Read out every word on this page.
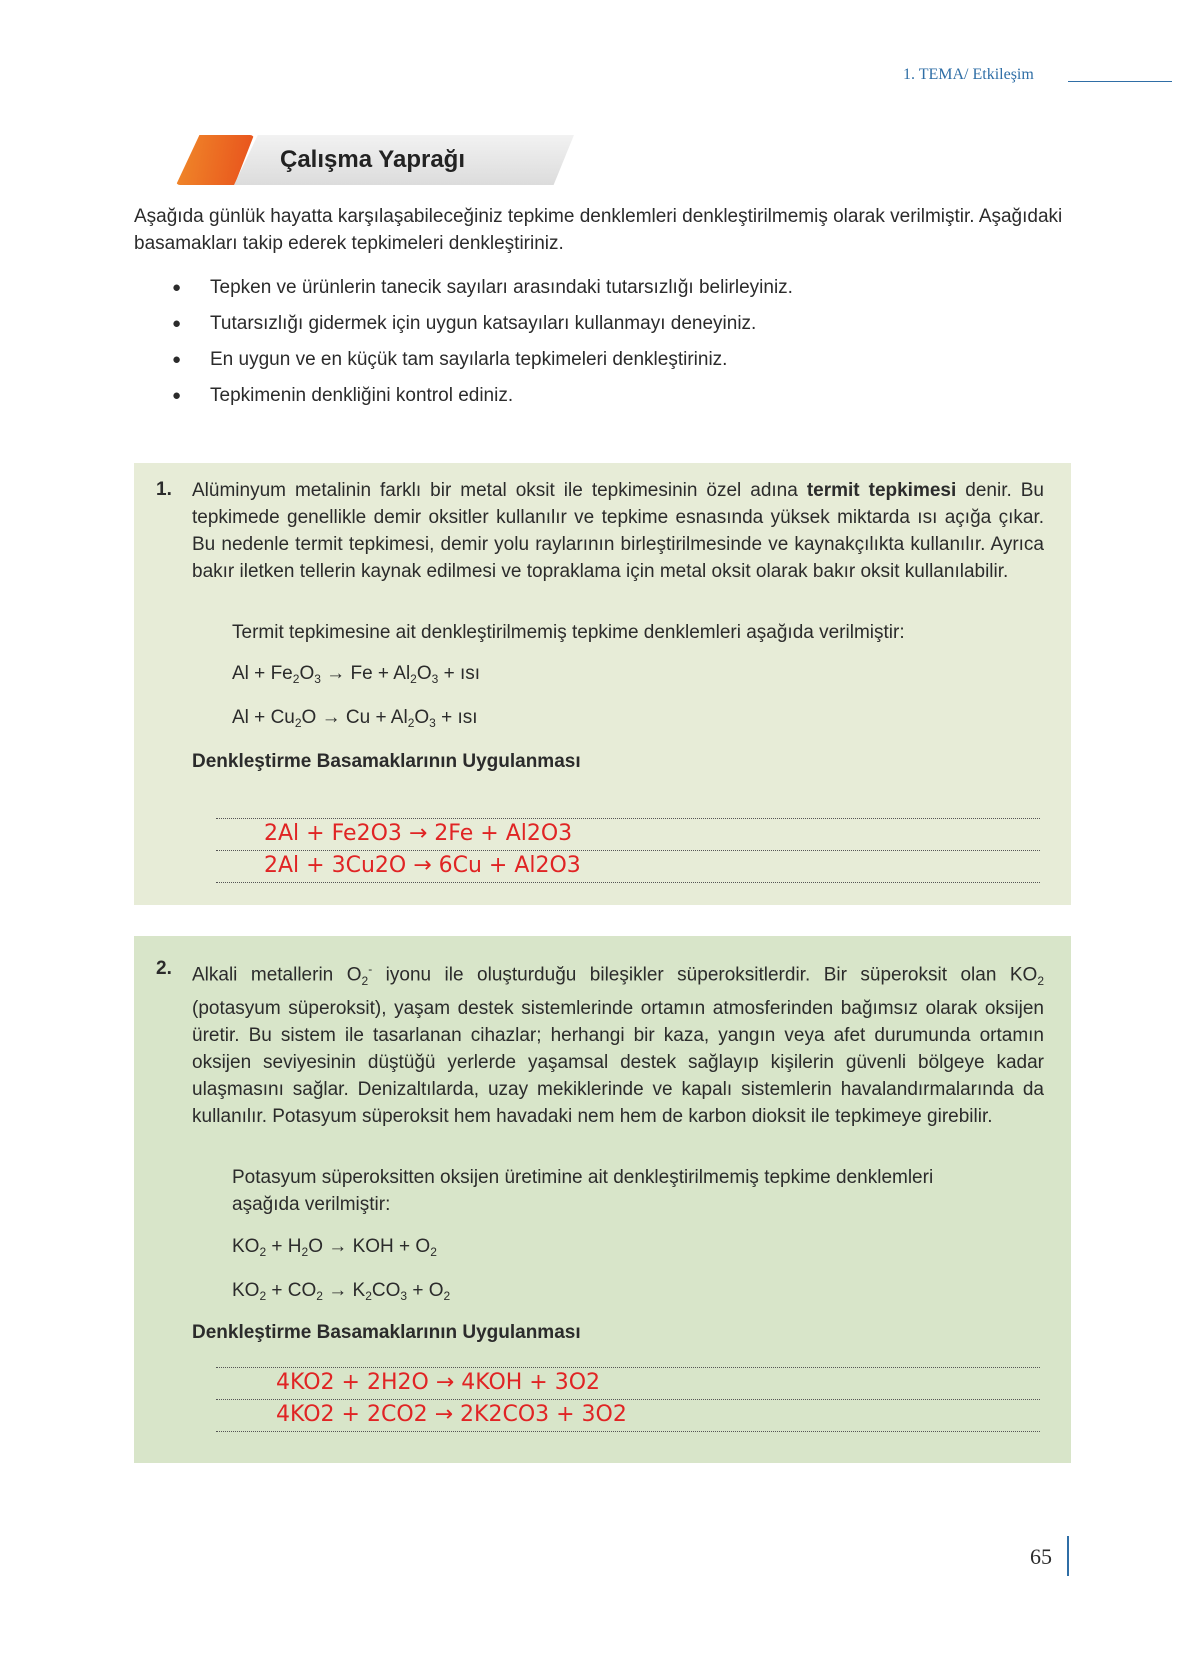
1. TEMA/ Etkileşim
Çalışma Yaprağı
Aşağıda günlük hayatta karşılaşabileceğiniz tepkime denklemleri denkleştirilmemiş olarak verilmiştir. Aşağıdaki basamakları takip ederek tepkimeleri denkleştiriniz.
● Tepken ve ürünlerin tanecik sayıları arasındaki tutarsızlığı belirleyiniz.
● Tutarsızlığı gidermek için uygun katsayıları kullanmayı deneyiniz.
● En uygun ve en küçük tam sayılarla tepkimeleri denkleştiriniz.
● Tepkimenin denkliğini kontrol ediniz.
1. Alüminyum metalinin farklı bir metal oksit ile tepkimesinin özel adına termit tepkimesi denir. Bu tepkimede genellikle demir oksitler kullanılır ve tepkime esnasında yüksek miktarda ısı açığa çıkar. Bu nedenle termit tepkimesi, demir yolu raylarının birleştirilmesinde ve kaynakçılıkta kullanılır. Ayrıca bakır iletken tellerin kaynak edilmesi ve topraklama için metal oksit olarak bakır oksit kullanılabilir.
Termit tepkimesine ait denkleştirilmemiş tepkime denklemleri aşağıda verilmiştir:
$Al + Fe_2O_3 \to Fe + Al_2O_3$ + ısı
$Al + Cu_2O \to Cu + Al_2O_3$ + ısı
Denkleştirme Basamaklarının Uygulanması
2Al + Fe2O3 → 2Fe + Al2O3
2Al + 3Cu2O → 6Cu + Al2O3
2. Alkali metallerin $O_2^-$ iyonu ile oluşturduğu bileşikler süperoksitlerdir. Bir süperoksit olan $KO_2$ (potasyum süperoksit), yaşam destek sistemlerinde ortamın atmosferinden bağımsız olarak oksijen üretir. Bu sistem ile tasarlanan cihazlar; herhangi bir kaza, yangın veya afet durumunda ortamın oksijen seviyesinin düştüğü yerlerde yaşamsal destek sağlayıp kişilerin güvenli bölgeye kadar ulaşmasını sağlar. Denizaltılarda, uzay mekiklerinde ve kapalı sistemlerin havalandırmalarında da kullanılır. Potasyum süperoksit hem havadaki nem hem de karbon dioksit ile tepkimeye girebilir.
Potasyum süperoksitten oksijen üretimine ait denkleştirilmemiş tepkime denklemleri aşağıda verilmiştir:
$KO_2 + H_2O$ → KOH + $O_2$
$KO_2 + CO_2 \to K_2CO_3 + O_2$
Denkleştirme Basamaklarının Uygulanması
4KO2 + 2H2O → 4KOH + 3O2
4KO2 + 2CO2 → 2K2CO3 + 3O2
65
